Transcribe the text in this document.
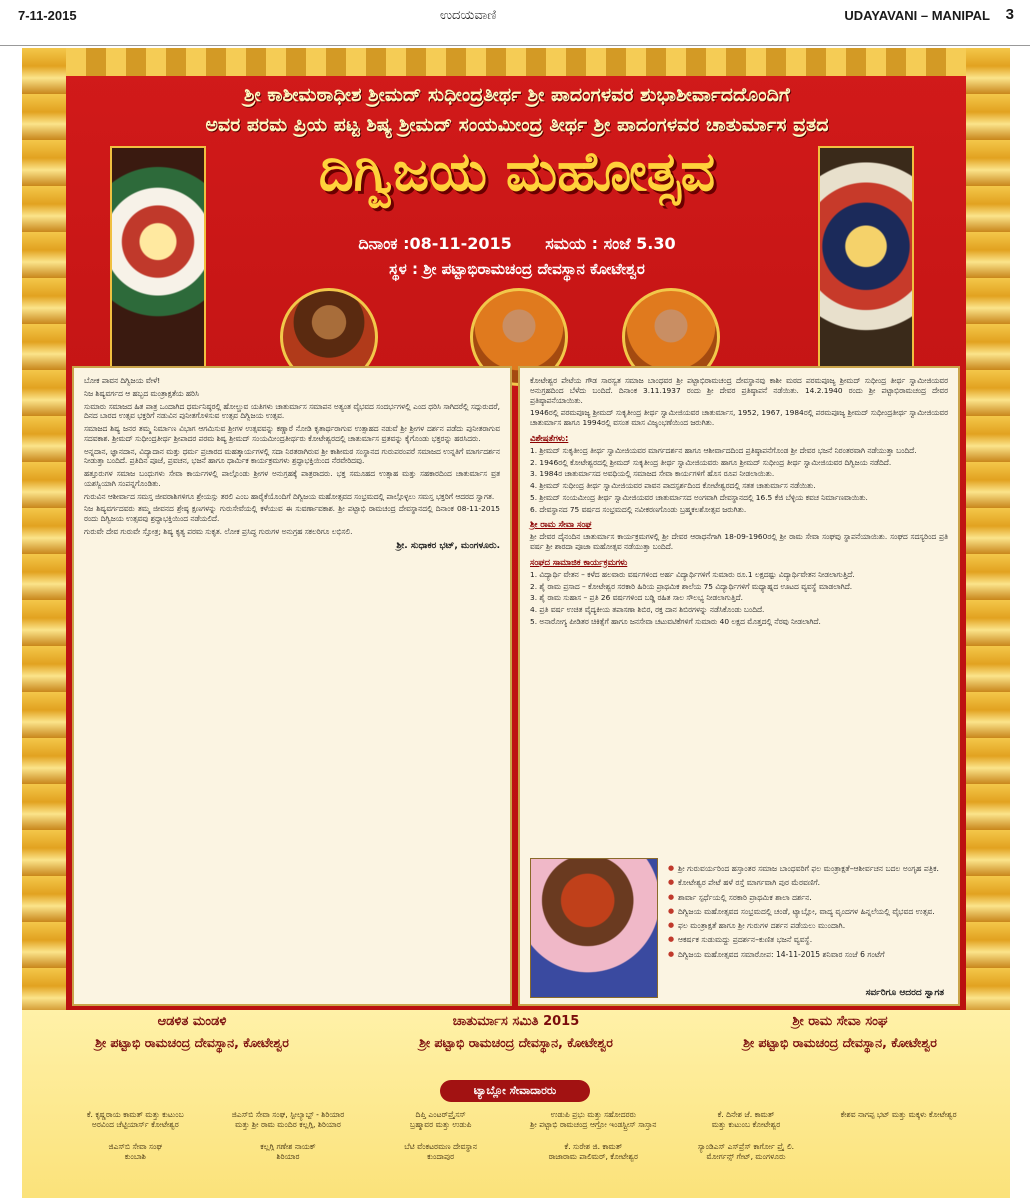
7-11-2015	ಉದಯವಾಣಿ	UDAYAVANI – MANIPAL 3
ಶ್ರೀ ಕಾಶೀಮಠಾಧೀಶ ಶ್ರೀಮದ್ ಸುಧೀಂದ್ರತೀರ್ಥ ಶ್ರೀ ಪಾದಂಗಳವರ ಶುಭಾಶೀರ್ವಾದದೊಂದಿಗೆ
ಅವರ ಪರಮ ಪ್ರಿಯ ಪಟ್ಟ ಶಿಷ್ಯ ಶ್ರೀಮದ್ ಸಂಯಮೀಂದ್ರ ತೀರ್ಥ ಶ್ರೀ ಪಾದಂಗಳವರ ಚಾತುರ್ಮಾಸ ವ್ರತದ
ದಿಗ್ವಿಜಯ ಮಹೋತ್ಸವ
ದಿನಾಂಕ :08-11-2015 ಸಮಯ : ಸಂಜೆ 5.30
ಸ್ಥಳ : ಶ್ರೀ ಪಟ್ಟಾಭಿರಾಮಚಂದ್ರ ದೇವಸ್ಥಾನ ಕೋಟೇಶ್ವರ

ಬೋಕ ಪಾವನ ದಿಗ್ವಿಜಯ ವೇಳೆ!

ನಿಜ ಶಿಷ್ಯವರ್ಗದ ಆ ಹಬ್ಬದ ಮಂತ್ರಾಕ್ಷತೆಯ ಹರಿಸಿ

ಸುಮಾರು ಸಮಾಜದ ಹಿತ ಪಾತ್ರ ಒಂದಾಗಿದ ಧರ್ಮನಿಷ್ಠರಲ್ಲಿ ಹೋಲ್ಚುವ ಯತಿಗಳು ಚಾತುರ್ಮಾಸ ಸಮಾಪನ ಅತ್ಯಂತ ವೈಭವದ ಸಂದರ್ಭಗಳಲ್ಲಿ ಎಂದ ಧರಿಸಿ ಸಾಗಿದರೆಲ್ಲಿ ಸದ್ಗುರುದರೆ, ದಿನದ ಬಾರದ ಉತ್ಸವ ಭಕ್ತರಿಗೆ ನಡುವಿನ ಪುನೀತಗೊಳಿಸುವ ಉತ್ಸವ ದಿಗ್ವಿಜಯ ಉತ್ಸವ.

ಸಮಾಜದ ಶಿಷ್ಯ ಜನರ ತಮ್ಮ ನಿರ್ಮಾಣ ವಿಭಾಗ ಆಗಮಿಸುವ ಶ್ರೀಗಳ ಉತ್ಸವವನ್ನು ಕಣ್ಣಾರೆ ನೋಡಿ ಕೃತಾರ್ಥರಾಗುವ ಉತ್ಸಾಹದ ನಡುವೆ ಶ್ರೀ ಶ್ರೀಗಳ ದರ್ಶನ ಪಡೆದು ಪುನೀತರಾಗುವ ಸದವಕಾಶ. ಶ್ರೀಮದ್ ಸುಧೀಂದ್ರತೀರ್ಥ ಶ್ರೀಪಾದರ ಪರಮ ಶಿಷ್ಯ ಶ್ರೀಮದ್ ಸಂಯಮೀಂದ್ರತೀರ್ಥರು ಕೋಟೇಶ್ವರದಲ್ಲಿ ಚಾತುರ್ಮಾಸ ವ್ರತವನ್ನು ಕೈಗೊಂಡು ಭಕ್ತರನ್ನು ಹರಸಿದರು.

ಅನ್ನದಾನ, ಜ್ಞಾನದಾನ, ವಿದ್ಯಾದಾನ ಮತ್ತು ಧರ್ಮ ಪ್ರಚಾರದ ಮಹತ್ಕಾರ್ಯಗಳಲ್ಲಿ ಸದಾ ನಿರತರಾಗಿರುವ ಶ್ರೀ ಕಾಶೀಮಠ ಸಂಸ್ಥಾನದ ಗುರುಪರಂಪರೆ ಸಮಾಜದ ಉನ್ನತಿಗೆ ಮಾರ್ಗದರ್ಶನ ನೀಡುತ್ತಾ ಬಂದಿದೆ. ಪ್ರತಿದಿನ ಪೂಜೆ, ಪ್ರವಚನ, ಭಜನೆ ಹಾಗೂ ಧಾರ್ಮಿಕ ಕಾರ್ಯಕ್ರಮಗಳು ಶ್ರದ್ಧಾಭಕ್ತಿಯಿಂದ ನೆರವೇರಿದವು.

ಹತ್ತೂರುಗಳ ಸಮಾಜ ಬಂಧುಗಳು ಸೇವಾ ಕಾರ್ಯಗಳಲ್ಲಿ ಪಾಲ್ಗೊಂಡು ಶ್ರೀಗಳ ಅನುಗ್ರಹಕ್ಕೆ ಪಾತ್ರರಾದರು. ಭಕ್ತ ಸಮೂಹದ ಉತ್ಸಾಹ ಮತ್ತು ಸಹಕಾರದಿಂದ ಚಾತುರ್ಮಾಸ ವ್ರತ ಯಶಸ್ವಿಯಾಗಿ ಸಂಪನ್ನಗೊಂಡಿತು.

ಗುರುವಿನ ಆಶೀರ್ವಾದ ಸಮಸ್ತ ಜೀವರಾಶಿಗಳಿಗೂ ಶ್ರೇಯಸ್ಸು ತರಲಿ ಎಂಬ ಹಾರೈಕೆಯೊಂದಿಗೆ ದಿಗ್ವಿಜಯ ಮಹೋತ್ಸವದ ಸಂಭ್ರಮದಲ್ಲಿ ಪಾಲ್ಗೊಳ್ಳಲು ಸಮಸ್ತ ಭಕ್ತರಿಗೆ ಆದರದ ಸ್ವಾಗತ.

ನಿಜ ಶಿಷ್ಯವರ್ಗದವರು ತಮ್ಮ ಜೀವನದ ಶ್ರೇಷ್ಠ ಕ್ಷಣಗಳನ್ನು ಗುರುಸೇವೆಯಲ್ಲಿ ಕಳೆಯುವ ಈ ಸುವರ್ಣಾವಕಾಶ. ಶ್ರೀ ಪಟ್ಟಾಭಿ ರಾಮಚಂದ್ರ ದೇವಸ್ಥಾನದಲ್ಲಿ ದಿನಾಂಕ 08-11-2015 ರಂದು ದಿಗ್ವಿಜಯ ಉತ್ಸವವು ಶ್ರದ್ಧಾಭಕ್ತಿಯಿಂದ ನಡೆಯಲಿದೆ.

ಗುರುವೇ ದೇವ ಗುರುವೇ ಸ್ತೋತ್ರ; ಶಿಷ್ಯ ಕೃತ್ಯ ಪರಮ ಸುಕೃತ. ಲೋಕ ಪ್ರಸಿದ್ಧ ಗುರುಗಳ ಅನುಗ್ರಹ ಸಕಲರಿಗೂ ಲಭಿಸಲಿ.

ಶ್ರೀ. ಸುಧಾಕರ ಭಟ್, ಮಂಗಳೂರು.

ಕೋಟೇಶ್ವರ ಪೇಟೆಯ ಗೌಡ ಸಾರಸ್ವತ ಸಮಾಜ ಬಾಂಧವರ ಶ್ರೀ ಪಟ್ಟಾಭಿರಾಮಚಂದ್ರ ದೇವಸ್ಥಾನವು ಕಾಶೀ ಮಠದ ಪರಮಪೂಜ್ಯ ಶ್ರೀಮದ್ ಸುಧೀಂದ್ರ ತೀರ್ಥ ಸ್ವಾಮೀಜಿಯವರ ಅನುಗ್ರಹದಿಂದ ಬೆಳೆದು ಬಂದಿದೆ. ದಿನಾಂಕ 3.11.1937 ರಂದು ಶ್ರೀ ದೇವರ ಪ್ರತಿಷ್ಠಾಪನೆ ನಡೆಯಿತು. 14.2.1940 ರಂದು ಶ್ರೀ ಪಟ್ಟಾಭಿರಾಮಚಂದ್ರ ದೇವರ ಪ್ರತಿಷ್ಠಾಪನೆಯಾಯಿತು.

1946ರಲ್ಲಿ ಪರಮಪೂಜ್ಯ ಶ್ರೀಮದ್ ಸುಕೃತೀಂದ್ರ ತೀರ್ಥ ಸ್ವಾಮೀಜಿಯವರ ಚಾತುರ್ಮಾಸ, 1952, 1967, 1984ರಲ್ಲಿ ಪರಮಪೂಜ್ಯ ಶ್ರೀಮದ್ ಸುಧೀಂದ್ರತೀರ್ಥ ಸ್ವಾಮೀಜಿಯವರ ಚಾತುರ್ಮಾಸ ಹಾಗೂ 1994ರಲ್ಲಿ ವಸಂತ ಮಾಸ ವಿಜೃಂಭಣೆಯಿಂದ ಜರುಗಿತು.

ವಿಶೇಷತೆಗಳು:

1. ಶ್ರೀಮದ್ ಸುಕೃತೀಂದ್ರ ತೀರ್ಥ ಸ್ವಾಮೀಜಿಯವರ ಮಾರ್ಗದರ್ಶನ ಹಾಗೂ ಆಶೀರ್ವಾದದಿಂದ ಪ್ರತಿಷ್ಠಾಪನೆಗೊಂಡ ಶ್ರೀ ದೇವರ ಭಜನೆ ನಿರಂತರವಾಗಿ ನಡೆಯುತ್ತಾ ಬಂದಿದೆ.

2. 1946ರಲ್ಲಿ ಕೋಟೇಶ್ವರದಲ್ಲಿ ಶ್ರೀಮದ್ ಸುಕೃತೀಂದ್ರ ತೀರ್ಥ ಸ್ವಾಮೀಜಿಯವರು ಹಾಗೂ ಶ್ರೀಮದ್ ಸುಧೀಂದ್ರ ತೀರ್ಥ ಸ್ವಾಮೀಜಿಯವರ ದಿಗ್ವಿಜಯ ನಡೆದಿದೆ.

3. 1984ರ ಚಾತುರ್ಮಾಸದ ಅವಧಿಯಲ್ಲಿ ಸಮಾಜದ ಸೇವಾ ಕಾರ್ಯಗಳಿಗೆ ಹೊಸ ರೂಪ ನೀಡಲಾಯಿತು.

4. ಶ್ರೀಮದ್ ಸುಧೀಂದ್ರ ತೀರ್ಥ ಸ್ವಾಮೀಜಿಯವರ ಪಾವನ ಪಾದಸ್ಪರ್ಶದಿಂದ ಕೋಟೇಶ್ವರದಲ್ಲಿ ಸತತ ಚಾತುರ್ಮಾಸ ನಡೆಯಿತು.

5. ಶ್ರೀಮದ್ ಸಂಯಮೀಂದ್ರ ತೀರ್ಥ ಸ್ವಾಮೀಜಿಯವರ ಚಾತುರ್ಮಾಸದ ಅಂಗವಾಗಿ ದೇವಸ್ಥಾನದಲ್ಲಿ 16.5 ಕೆಜಿ ಬೆಳ್ಳಿಯ ಕವಚ ನಿರ್ಮಾಣವಾಯಿತು.

6. ದೇವಸ್ಥಾನದ 75 ವರ್ಷದ ಸಂಭ್ರಮದಲ್ಲಿ ನವೀಕರಣಗೊಂಡು ಬ್ರಹ್ಮಕಲಶೋತ್ಸವ ಜರುಗಿತು.

ಶ್ರೀ ರಾಮ ಸೇವಾ ಸಂಘ

ಶ್ರೀ ದೇವರ ದೈನಂದಿನ ಚಾತುರ್ಮಾಸ ಕಾರ್ಯಕ್ರಮಗಳಲ್ಲಿ ಶ್ರೀ ದೇವರ ಆರಾಧನೆಗಾಗಿ 18-09-1960ರಲ್ಲಿ ಶ್ರೀ ರಾಮ ಸೇವಾ ಸಂಘವು ಸ್ಥಾಪನೆಯಾಯಿತು. ಸಂಘದ ಸದಸ್ಯರಿಂದ ಪ್ರತಿ ವರ್ಷ ಶ್ರೀ ಶಾರದಾ ಪೂಜಾ ಮಹೋತ್ಸವ ನಡೆಯುತ್ತಾ ಬಂದಿದೆ.

ಸಂಘದ ಸಾಮಾಜಿಕ ಕಾರ್ಯಕ್ರಮಗಳು

1. ವಿದ್ಯಾರ್ಥಿ ವೇತನ – ಕಳೆದ ಹಲವಾರು ವರ್ಷಗಳಿಂದ ಅರ್ಹ ವಿದ್ಯಾರ್ಥಿಗಳಿಗೆ ಸುಮಾರು ರೂ.1 ಲಕ್ಷದಷ್ಟು ವಿದ್ಯಾರ್ಥಿವೇತನ ನೀಡಲಾಗುತ್ತಿದೆ.

2. ಶೈ ರಾಮ ಪ್ರಸಾದ – ಕೋಟೇಶ್ವರ ಸರಕಾರಿ ಹಿರಿಯ ಪ್ರಾಥಮಿಕ ಶಾಲೆಯ 75 ವಿದ್ಯಾರ್ಥಿಗಳಿಗೆ ಮಧ್ಯಾಹ್ನದ ಊಟದ ವ್ಯವಸ್ಥೆ ಮಾಡಲಾಗಿದೆ.

3. ಶೈ ರಾಮ ಸುಹಾಸ – ಪ್ರತಿ 26 ವರ್ಷಗಳಿಂದ ಬಡ್ಡಿ ರಹಿತ ಸಾಲ ಸೌಲಭ್ಯ ನೀಡಲಾಗುತ್ತಿದೆ.

4. ಪ್ರತಿ ವರ್ಷ ಉಚಿತ ವೈದ್ಯಕೀಯ ತಪಾಸಣಾ ಶಿಬಿರ, ರಕ್ತ ದಾನ ಶಿಬಿರಗಳನ್ನು ನಡೆಸಿಕೊಂಡು ಬಂದಿದೆ.

5. ಅನಾರೋಗ್ಯ ಪೀಡಿತರ ಚಿಕಿತ್ಸೆಗೆ ಹಾಗೂ ಜನಸೇವಾ ಚಟುವಟಿಕೆಗಳಿಗೆ ಸುಮಾರು 40 ಲಕ್ಷದ ಮೊತ್ತದಲ್ಲಿ ನೆರವು ನೀಡಲಾಗಿದೆ.

● ಶ್ರೀ ಗುರುವರ್ಯರಿಂದ ಹಸ್ತಾಂತರ ಸಮಾಜ ಬಾಂಧವರಿಗೆ ಫಲ ಮಂತ್ರಾಕ್ಷತೆ–ಆಶೀರ್ವಚನ ಬದಲ ಅಂಗೃಹ ಪತ್ರಿಕ.
● ಕೋಟೇಶ್ವರ ಪೇಟೆ ಹಳೆ ರಸ್ತೆ ಮಾರ್ಗವಾಗಿ ಪುರ ಮೆರವಣಿಗೆ.
● ಶಾರ್ವಾ ಸ್ಪರ್ಧೆಯಲ್ಲಿ ಸರಕಾರಿ ಪ್ರಾಥಮಿಕ ಶಾಲಾ ದರ್ಶನ.
● ದಿಗ್ವಿಜಯ ಮಹೋತ್ಸವದ ಸಂಭ್ರಮದಲ್ಲಿ ಚಂಡೆ, ಟ್ಯಾಬ್ಲೋ, ವಾದ್ಯ ವೃಂದಗಳ ಹಿನ್ನಲೆಯಲ್ಲಿ ವೈಭವದ ಉತ್ಸವ.
● ಫಲ ಮಂತ್ರಾಕ್ಷತೆ ಹಾಗೂ ಶ್ರೀ ಗುರುಗಳ ದರ್ಶನ ಪಡೆಯಲು ಮುಂದಾಗಿ.
● ಆಕರ್ಷಕ ಸುಡುಮದ್ದು ಪ್ರದರ್ಶನ–ಕುಣಿತ ಭಜನೆ ವ್ಯವಸ್ಥೆ.
● ದಿಗ್ವಿಜಯ ಮಹೋತ್ಸವದ ಸಮಾರೋಪ: 14-11-2015 ಶನಿವಾರ ಸಂಜೆ 6 ಗಂಟೆಗೆ
ಸರ್ವರಿಗೂ ಆದರದ ಸ್ವಾಗತ
ಆಡಳಿತ ಮಂಡಳಿ
ಶ್ರೀ ಪಟ್ಟಾಭಿ ರಾಮಚಂದ್ರ ದೇವಸ್ಥಾನ, ಕೋಟೇಶ್ವರ
ಚಾತುರ್ಮಾಸ ಸಮಿತಿ 2015
ಶ್ರೀ ಪಟ್ಟಾಭಿ ರಾಮಚಂದ್ರ ದೇವಸ್ಥಾನ, ಕೋಟೇಶ್ವರ
ಶ್ರೀ ರಾಮ ಸೇವಾ ಸಂಘ
ಶ್ರೀ ಪಟ್ಟಾಭಿ ರಾಮಚಂದ್ರ ದೇವಸ್ಥಾನ, ಕೋಟೇಶ್ವರ
ಟ್ಯಾಬ್ಲೋ ಸೇವಾದಾರರು
ಕೆ. ಕೃಷ್ಣರಾಯ ಕಾಮತ್ ಮತ್ತು ಕುಟುಂಬ
ಅರವಿಂದ ಚೆಟ್ಟಿಯಾರ್ಸ್ ಕೋಟೇಶ್ವರ
ಜಿಎಸ್‌ಬಿ ಸೇವಾ ಸಂಘ, ಸ್ಟೀಲ್ಯಾಬ್ಟ್ - ಶಿರಿಯಾರ
ಮತ್ತು ಶ್ರೀ ರಾಮ ಮಂದಿರ ಕಲ್ಲಗ್ಗಿ, ಶಿರಿಯಾರ
ದಿಪ್ತಿ ಎಂಟರ್‌ಪ್ರೈಸಸ್
ಬ್ರಹ್ಮಾವರ ಮತ್ತು ಉಡುಪಿ
ಉಡುಪಿ ಪ್ರಭು ಮತ್ತು ಸಹೋದರರು
ಶ್ರೀ ಪಟ್ಟಾಭಿ ರಾಮಚಂದ್ರ ಆಗ್ರೋ ಇಂಡಸ್ಟ್ರೀಸ್ ಸಾಸ್ತಾನ
ಕೆ. ದಿನೇಶ ಜೆ. ಕಾಮತ್
ಮತ್ತು ಕುಟುಂಬ ಕೋಟೇಶ್ವರ
ಕೇಶವ ನಾಗಪ್ಪ ಭಟ್ ಮತ್ತು ಮಕ್ಕಳು ಕೋಟೇಶ್ವರ
ಜಿಎಸ್‌ಬಿ ಸೇವಾ ಸಂಘ
ಕುಂಬಾಶಿ
ಕಲ್ಲಗ್ಗಿ ಗಣೇಶ ನಾಯಕ್
ಶಿರಿಯಾರ
ಬೆಟಿ ವೆಂಕಟರಮಣ ದೇವಸ್ಥಾನ
ಕುಂದಾಪುರ
ಕೆ. ಸುರೇಶ ಜಿ. ಕಾಮತ್
ರಾಜಾರಾಮ ಪಾಲಿಮರ್, ಕೋಟೇಶ್ವರ
ಸ್ಯಾಂಡಿಎಸ್ ಎಸ್‌ಪ್ರೆಸ್ ಕಾರ್ಗೋ ಪ್ರೈ ಲಿ.
ಮೋರ್ಗನ್ಸ್ ಗೇಟ್, ಮಂಗಳೂರು
